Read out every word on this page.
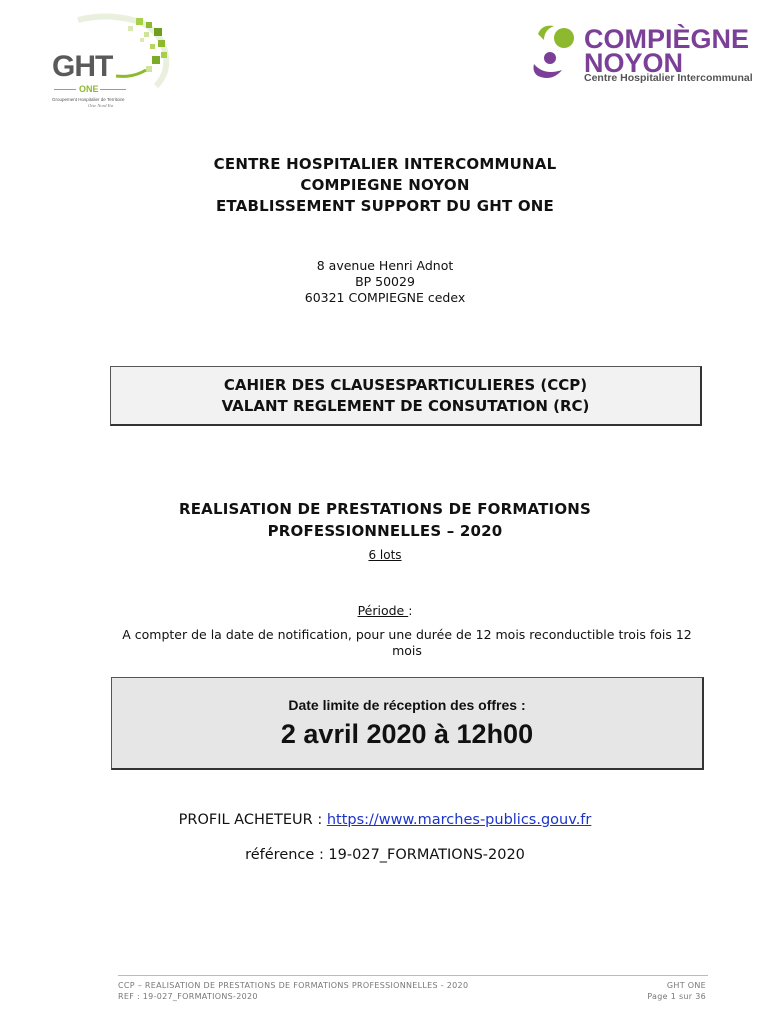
GHT
ONE
Groupement Hospitalier de Territoire
Oise Nord Est
COMPIÈGNE
NOYON
Centre Hospitalier Intercommunal
CENTRE HOSPITALIER INTERCOMMUNAL
COMPIEGNE NOYON
ETABLISSEMENT SUPPORT DU GHT ONE
8 avenue Henri Adnot
BP 50029
60321 COMPIEGNE cedex
CAHIER DES CLAUSESPARTICULIERES (CCP)
VALANT REGLEMENT DE CONSUTATION (RC)
REALISATION DE PRESTATIONS DE FORMATIONS
PROFESSIONNELLES – 2020
6 lots
Période :
A compter de la date de notification, pour une durée de 12 mois reconductible trois fois 12 mois
Date limite de réception des offres :
2 avril 2020 à 12h00
PROFIL ACHETEUR : https://www.marches-publics.gouv.fr
référence : 19-027_FORMATIONS-2020
CCP – REALISATION DE PRESTATIONS DE FORMATIONS PROFESSIONNELLES - 2020
REF : 19-027_FORMATIONS-2020
GHT ONE
Page 1 sur 36
